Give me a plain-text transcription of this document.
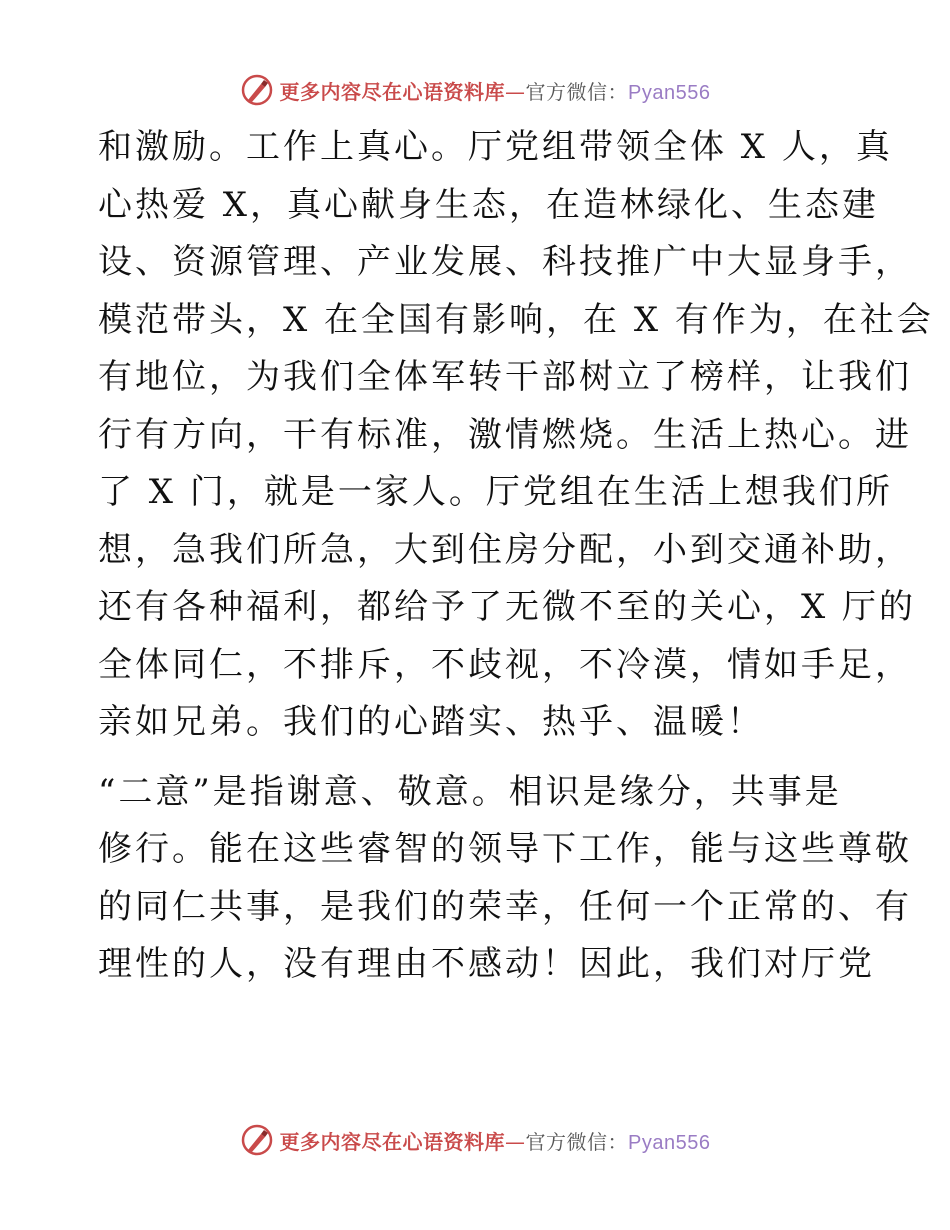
更多内容尽在心语资料库—官方微信：Pyan556

和激励。工作上真心。厅党组带领全体 X 人，真
心热爱 X，真心献身生态，在造林绿化、生态建
设、资源管理、产业发展、科技推广中大显身手，
模范带头，X 在全国有影响，在 X 有作为，在社会
有地位，为我们全体军转干部树立了榜样，让我们
行有方向，干有标准，激情燃烧。生活上热心。进
了 X 门，就是一家人。厅党组在生活上想我们所
想，急我们所急，大到住房分配，小到交通补助，
还有各种福利，都给予了无微不至的关心，X 厅的
全体同仁，不排斥，不歧视，不冷漠，情如手足，
亲如兄弟。我们的心踏实、热乎、温暖！

“二意”是指谢意、敬意。相识是缘分，共事是
修行。能在这些睿智的领导下工作，能与这些尊敬
的同仁共事，是我们的荣幸，任何一个正常的、有
理性的人，没有理由不感动！因此，我们对厅党

更多内容尽在心语资料库—官方微信：Pyan556
